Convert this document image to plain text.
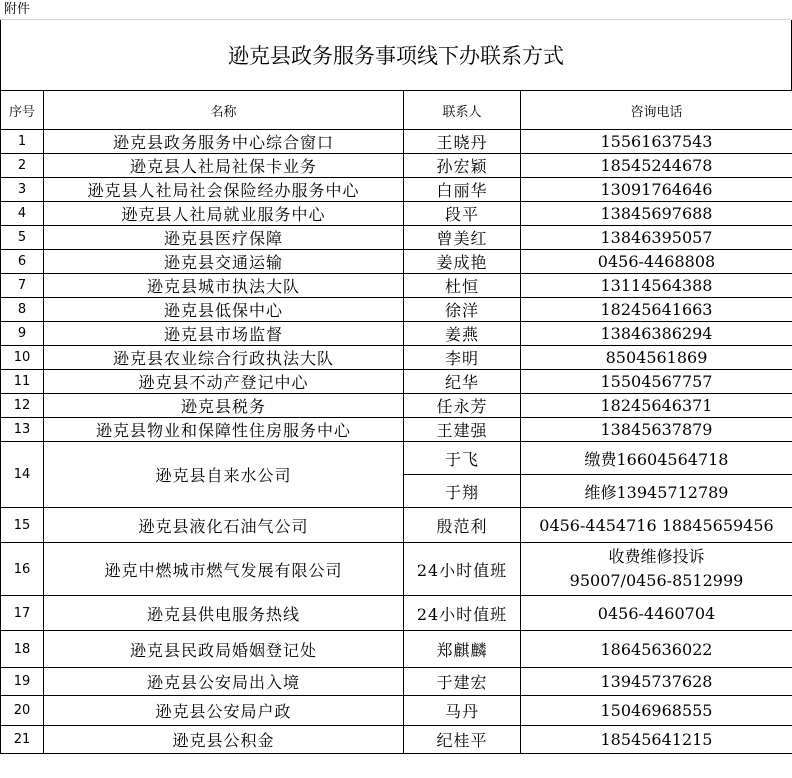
附件
逊克县政务服务事项线下办联系方式
序号	名称	联系人	咨询电话
1	逊克县政务服务中心综合窗口	王晓丹	15561637543
2	逊克县人社局社保卡业务	孙宏颖	18545244678
3	逊克县人社局社会保险经办服务中心	白丽华	13091764646
4	逊克县人社局就业服务中心	段平	13845697688
5	逊克县医疗保障	曾美红	13846395057
6	逊克县交通运输	姜成艳	0456-4468808
7	逊克县城市执法大队	杜恒	13114564388
8	逊克县低保中心	徐洋	18245641663
9	逊克县市场监督	姜燕	13846386294
10	逊克县农业综合行政执法大队	李明	8504561869
11	逊克县不动产登记中心	纪华	15504567757
12	逊克县税务	任永芳	18245646371
13	逊克县物业和保障性住房服务中心	王建强	13845637879
14	逊克县自来水公司	于飞	缴费16604564718
		于翔	维修13945712789
15	逊克县液化石油气公司	殷范利	0456-4454716 18845659456
16	逊克中燃城市燃气发展有限公司	24小时值班	收费维修投诉
95007/0456-8512999

17	逊克县供电服务热线	24小时值班	0456-4460704
18	逊克县民政局婚姻登记处	郑麒麟	18645636022
19	逊克县公安局出入境	于建宏	13945737628
20	逊克县公安局户政	马丹	15046968555
21	逊克县公积金	纪桂平	18545641215
